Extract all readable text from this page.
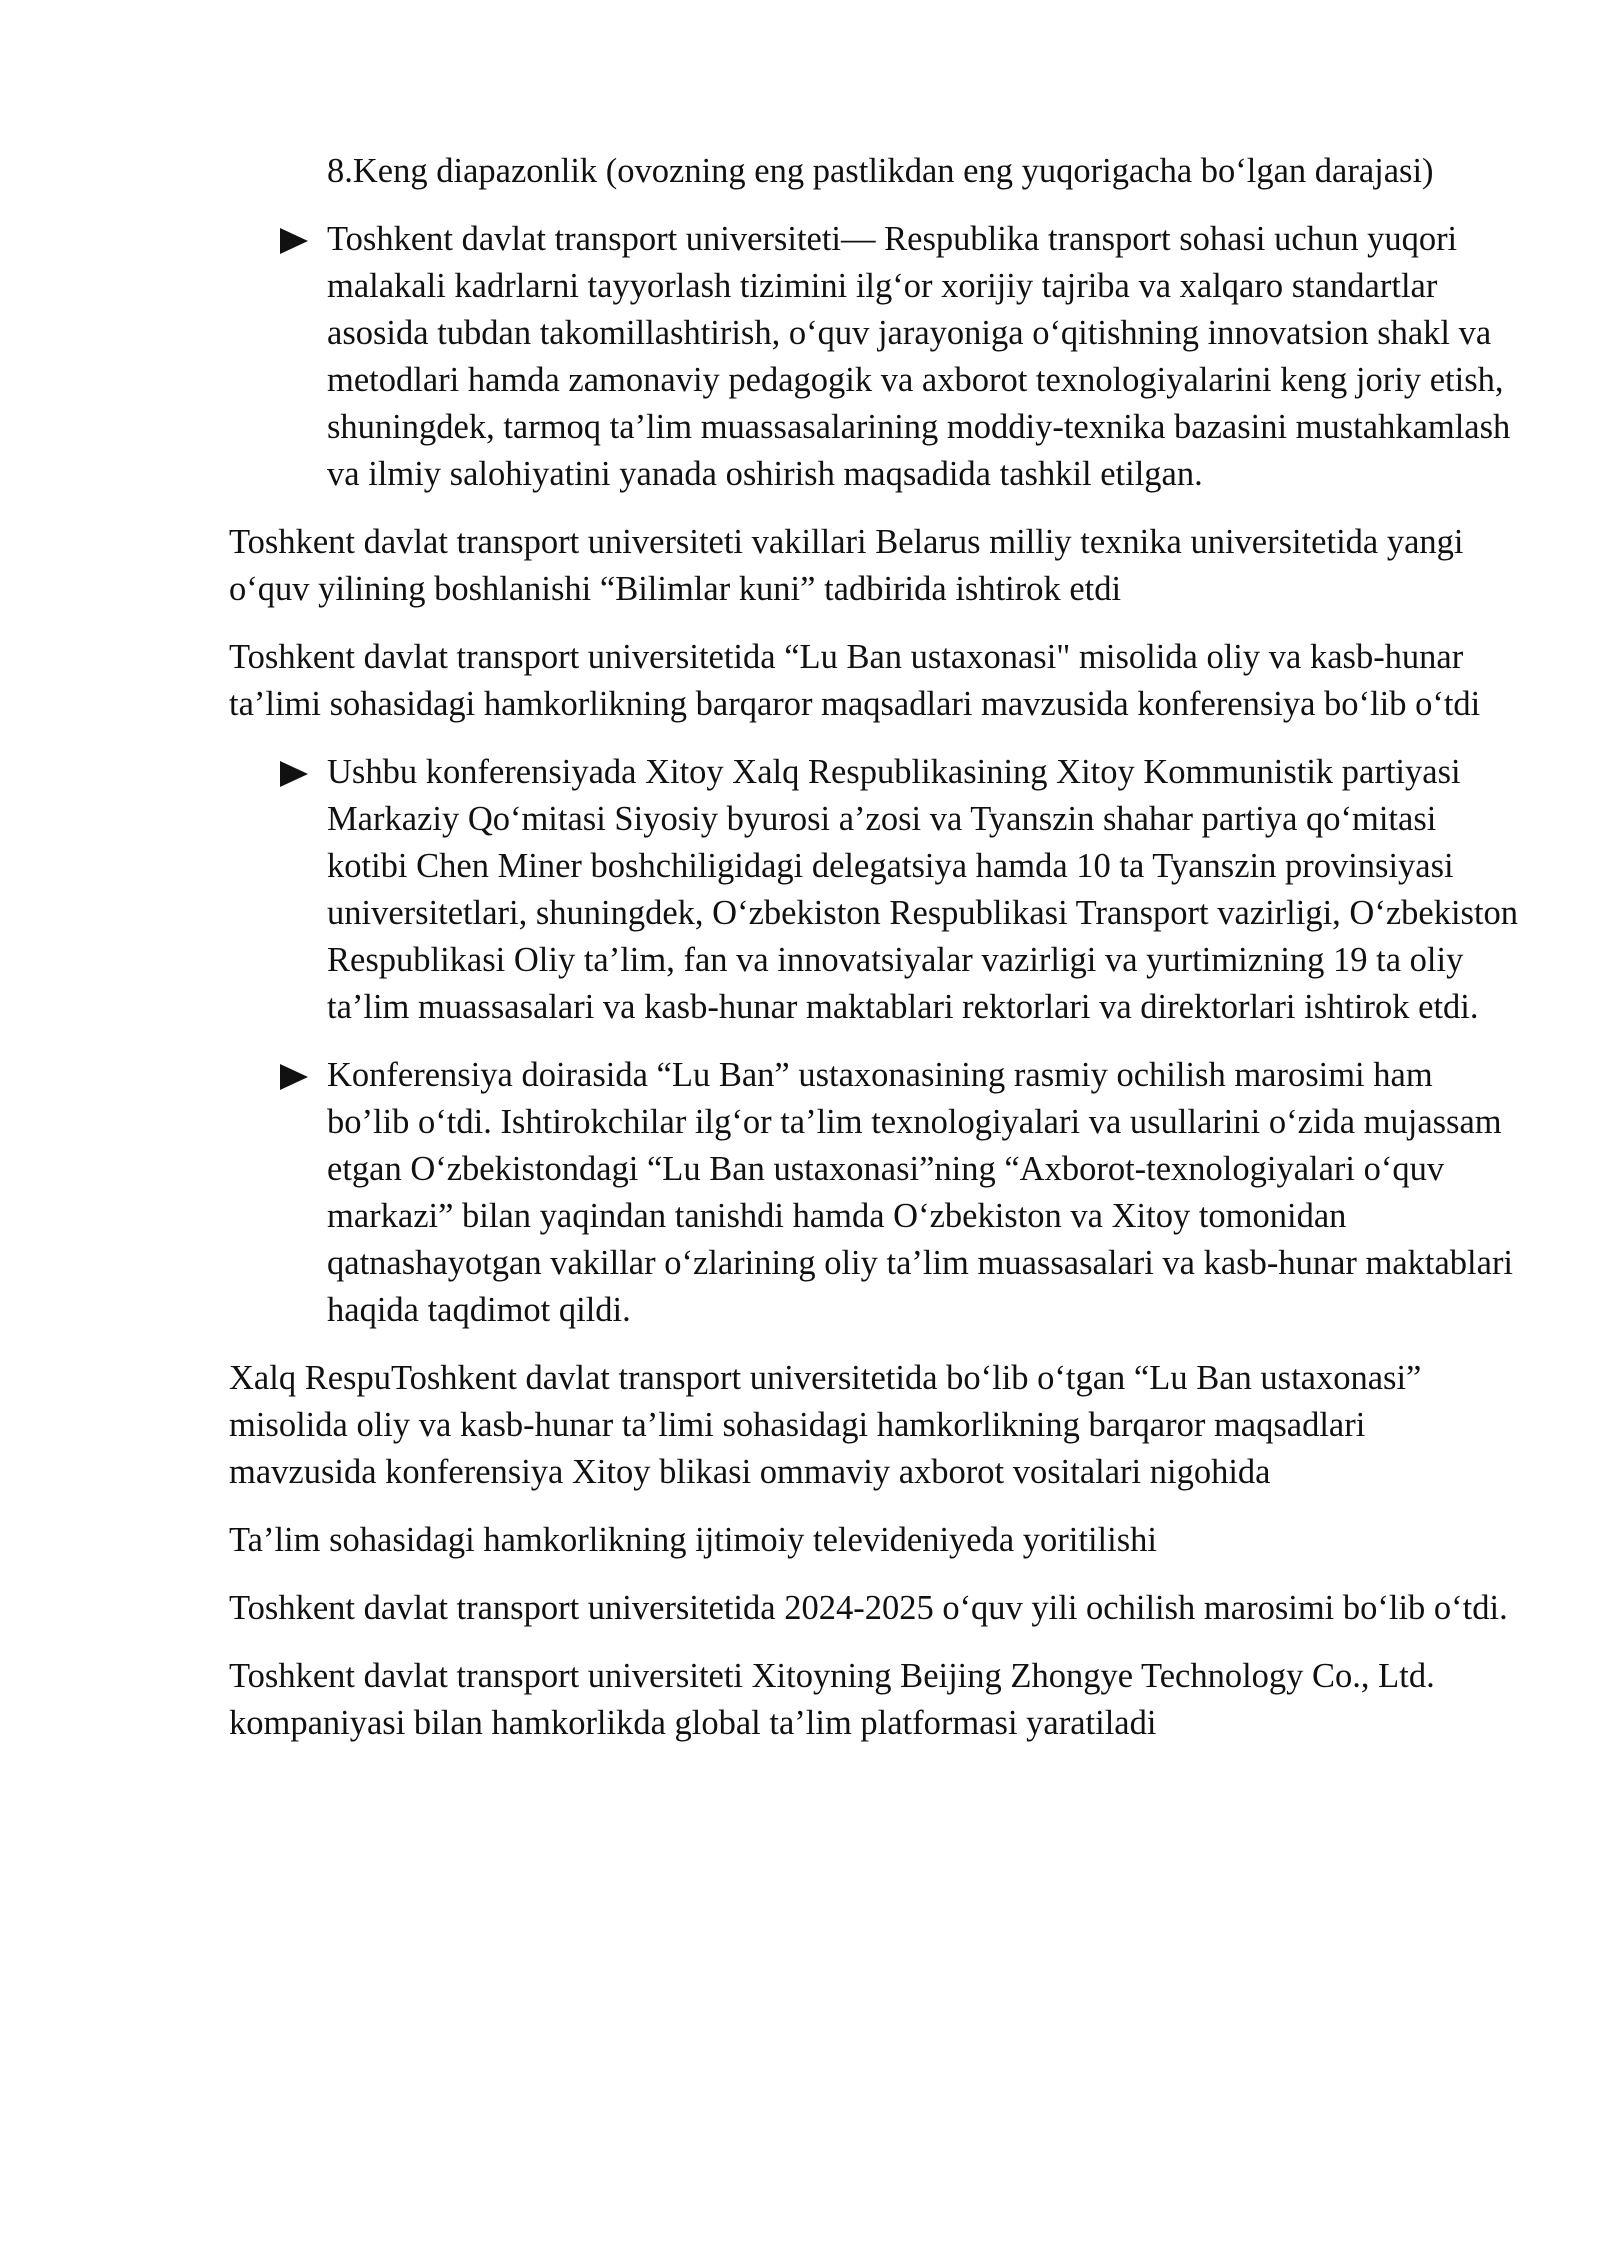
8.Keng diapazonlik (ovozning eng pastlikdan eng yuqorigacha bo‘lgan darajasi)

Toshkent davlat transport universiteti— Respublika transport sohasi uchun yuqori malakali kadrlarni tayyorlash tizimini ilg‘or xorijiy tajriba va xalqaro standartlar asosida tubdan takomillashtirish, o‘quv jarayoniga o‘qitishning innovatsion shakl va metodlari hamda zamonaviy pedagogik va axborot texnologiyalarini keng joriy etish, shuningdek, tarmoq ta’lim muassasalarining moddiy-texnika bazasini mustahkamlash va ilmiy salohiyatini yanada oshirish maqsadida tashkil etilgan.

Toshkent davlat transport universiteti vakillari Belarus milliy texnika universitetida yangi o‘quv yilining boshlanishi “Bilimlar kuni” tadbirida ishtirok etdi

Toshkent davlat transport universitetida “Lu Ban ustaxonasi" misolida oliy va kasb-hunar ta’limi sohasidagi hamkorlikning barqaror maqsadlari mavzusida konferensiya bo‘lib o‘tdi

Ushbu konferensiyada Xitoy Xalq Respublikasining Xitoy Kommunistik partiyasi Markaziy Qo‘mitasi Siyosiy byurosi a’zosi va Tyanszin shahar partiya qo‘mitasi kotibi Chen Miner boshchiligidagi delegatsiya hamda 10 ta Tyanszin provinsiyasi universitetlari, shuningdek, O‘zbekiston Respublikasi Transport vazirligi, O‘zbekiston Respublikasi Oliy ta’lim, fan va innovatsiyalar vazirligi va yurtimizning 19 ta oliy ta’lim muassasalari va kasb-hunar maktablari rektorlari va direktorlari ishtirok etdi.
Konferensiya doirasida “Lu Ban” ustaxonasining rasmiy ochilish marosimi ham bo’lib o‘tdi. Ishtirokchilar ilg‘or ta’lim texnologiyalari va usullarini o‘zida mujassam etgan O‘zbekistondagi “Lu Ban ustaxonasi”ning “Axborot-texnologiyalari o‘quv markazi” bilan yaqindan tanishdi hamda O‘zbekiston va Xitoy tomonidan qatnashayotgan vakillar o‘zlarining oliy ta’lim muassasalari va kasb-hunar maktablari haqida taqdimot qildi.

Xalq ResрuToshkent davlat transport universitetida bo‘lib o‘tgan “Lu Ban ustaxonasi” misolida oliy va kasb-hunar ta’limi sohasidagi hamkorlikning barqaror maqsadlari mavzusida konferensiya Xitoy blikasi ommaviy axborot vositalari nigohida

Ta’lim sohasidagi hamkorlikning ijtimoiy televideniyeda yoritilishi

Toshkent davlat transport universitetida 2024-2025 o‘quv yili ochilish marosimi bo‘lib o‘tdi.

Toshkent davlat transport universiteti Xitoyning Beijing Zhongye Technology Co., Ltd. kompaniyasi bilan hamkorlikda global ta’lim platformasi yaratiladi
